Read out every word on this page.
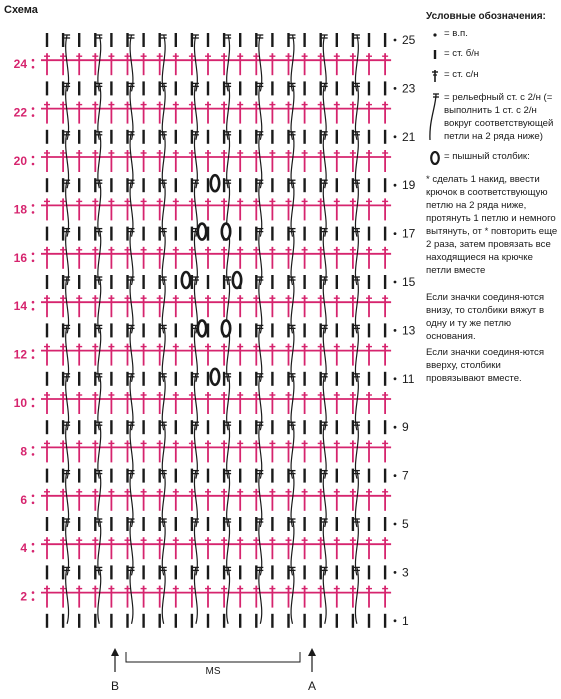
Схема
2
4
6
8
10
12
14
16
18
20
22
24
1
3
5
7
9
11
13
15
17
19
21
23
25
B	A
MS
Условные обозначения:
= в.п.
= ст. б/н
= ст. с/н
= рельефный ст. с 2/н (= выполнить 1 ст. с 2/н вокруг соответствующей петли на 2 ряда ниже)
= пышный столбик:
* сделать 1 накид, ввести крючок в соответствующую петлю на 2 ряда ниже, протянуть 1 петлю и немного вытянуть, от * повторить еще 2 раза, затем провязать все находящиеся на крючке петли вместе
Если значки соединя-ются внизу, то столбики вяжут в одну и ту же петлю основания.
Если значки соединя-ются вверху, столбики провязывают вместе.
